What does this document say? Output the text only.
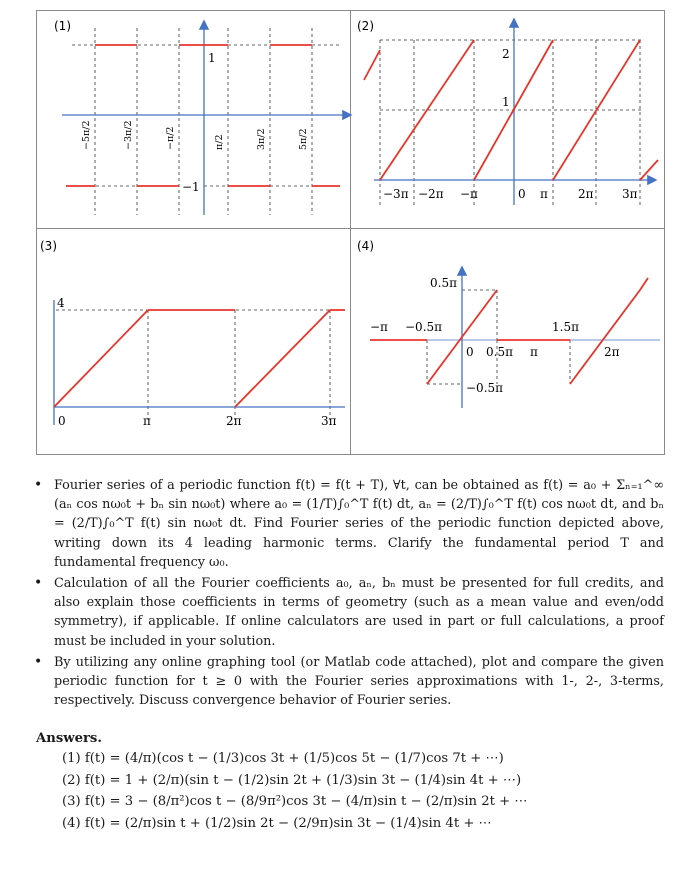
(1)
1
−1
−5π/2	−3π/2	−π/2	π/2	3π/2	5π/2
(2)
2
1
−3π −2π −π	0 π	2π 3π
(3)
4
0	π	2π	3π
(4)
0.5π
−π −0.5π
0 0.5π π
1.5π
2π
−0.5π
• Fourier series of a periodic function f(t) = f(t + T), ∀t, can be obtained as f(t) = a₀ + Σₙ₌₁^∞ (aₙ cos nω₀t + bₙ sin nω₀t) where a₀ = (1/T)∫₀^T f(t) dt, aₙ = (2/T)∫₀^T f(t) cos nω₀t dt, and bₙ = (2/T)∫₀^T f(t) sin nω₀t dt. Find Fourier series of the periodic function depicted above, writing down its 4 leading harmonic terms. Clarify the fundamental period T and fundamental frequency ω₀.
• Calculation of all the Fourier coefficients a₀, aₙ, bₙ must be presented for full credits, and also explain those coefficients in terms of geometry (such as a mean value and even/odd symmetry), if applicable. If online calculators are used in part or full calculations, a proof must be included in your solution.
• By utilizing any online graphing tool (or Matlab code attached), plot and compare the given periodic function for t ≥ 0 with the Fourier series approximations with 1-, 2-, 3-terms, respectively. Discuss convergence behavior of Fourier series.
Answers.
(1) f(t) = (4/π)(cos t − (1/3)cos 3t + (1/5)cos 5t − (1/7)cos 7t + ⋯)
(2) f(t) = 1 + (2/π)(sin t − (1/2)sin 2t + (1/3)sin 3t − (1/4)sin 4t + ⋯)
(3) f(t) = 3 − (8/π²)cos t − (8/9π²)cos 3t − (4/π)sin t − (2/π)sin 2t + ⋯
(4) f(t) = (2/π)sin t + (1/2)sin 2t − (2/9π)sin 3t − (1/4)sin 4t + ⋯
